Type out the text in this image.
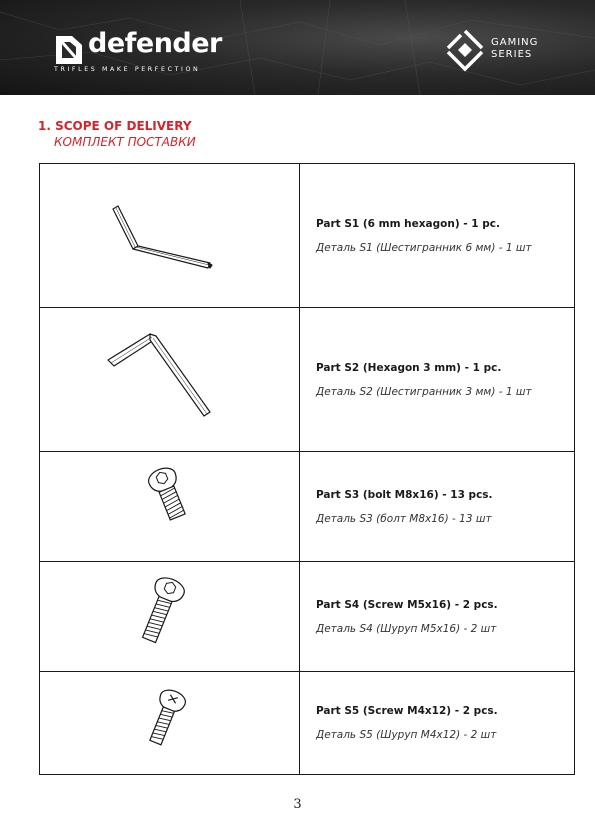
defender
TRIFLES MAKE PERFECTION
GAMING
SERIES
1. SCOPE OF DELIVERY
КОМПЛЕКТ ПОСТАВКИ

Part S1 (6 mm hexagon) - 1 pc.
Деталь S1 (Шестигранник 6 мм) - 1 шт

Part S2 (Hexagon 3 mm) - 1 pc.
Деталь S2 (Шестигранник 3 мм) - 1 шт

Part S3 (bolt M8x16) - 13 pcs.
Деталь S3 (болт M8x16) - 13 шт

Part S4 (Screw M5x16) - 2 pcs.
Деталь S4 (Шуруп M5x16) - 2 шт

Part S5 (Screw M4x12) - 2 pcs.
Деталь S5 (Шуруп M4x12) - 2 шт
3
